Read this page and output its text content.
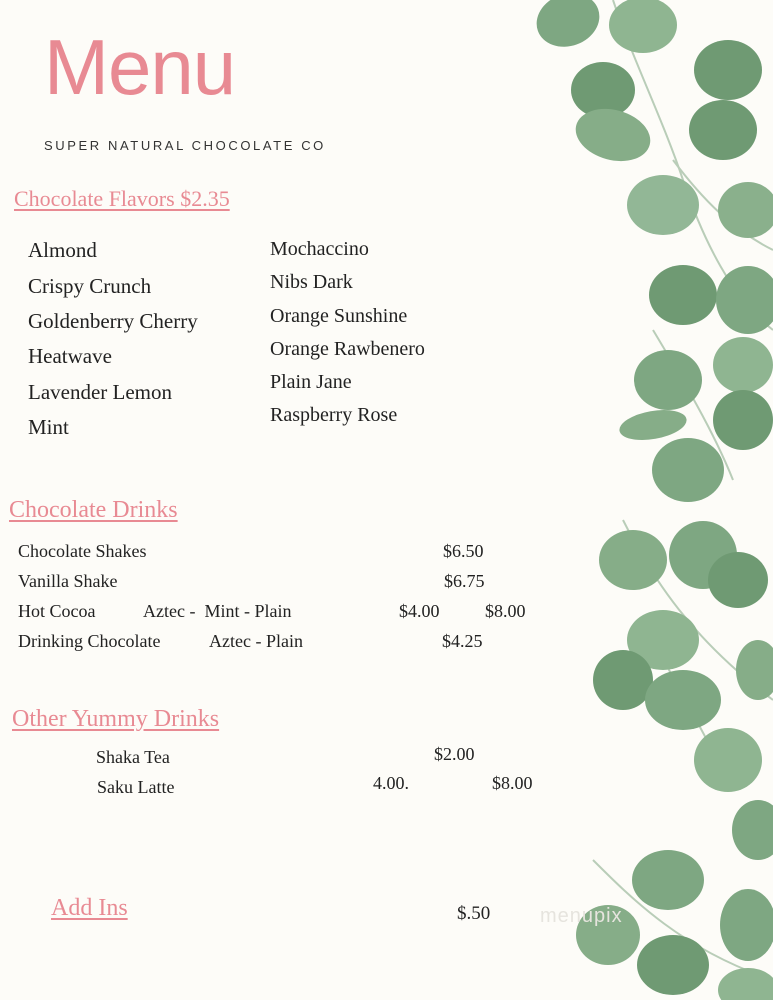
Menu
SUPER NATURAL CHOCOLATE CO
Chocolate Flavors $2.35
Almond
Crispy Crunch
Goldenberry Cherry
Heatwave
Lavender Lemon
Mint
Mochaccino
Nibs Dark
Orange Sunshine
Orange Rawbenero
Plain Jane
Raspberry Rose
Chocolate Drinks
Chocolate Shakes	$6.50
Vanilla Shake	$6.75
Hot Cocoa	Aztec -  Mint - Plain	$4.00	$8.00
Drinking Chocolate	Aztec - Plain	$4.25
Other Yummy Drinks
Shaka Tea	$2.00
Saku Latte	4.00.	$8.00
Add Ins	$.50 menupix
